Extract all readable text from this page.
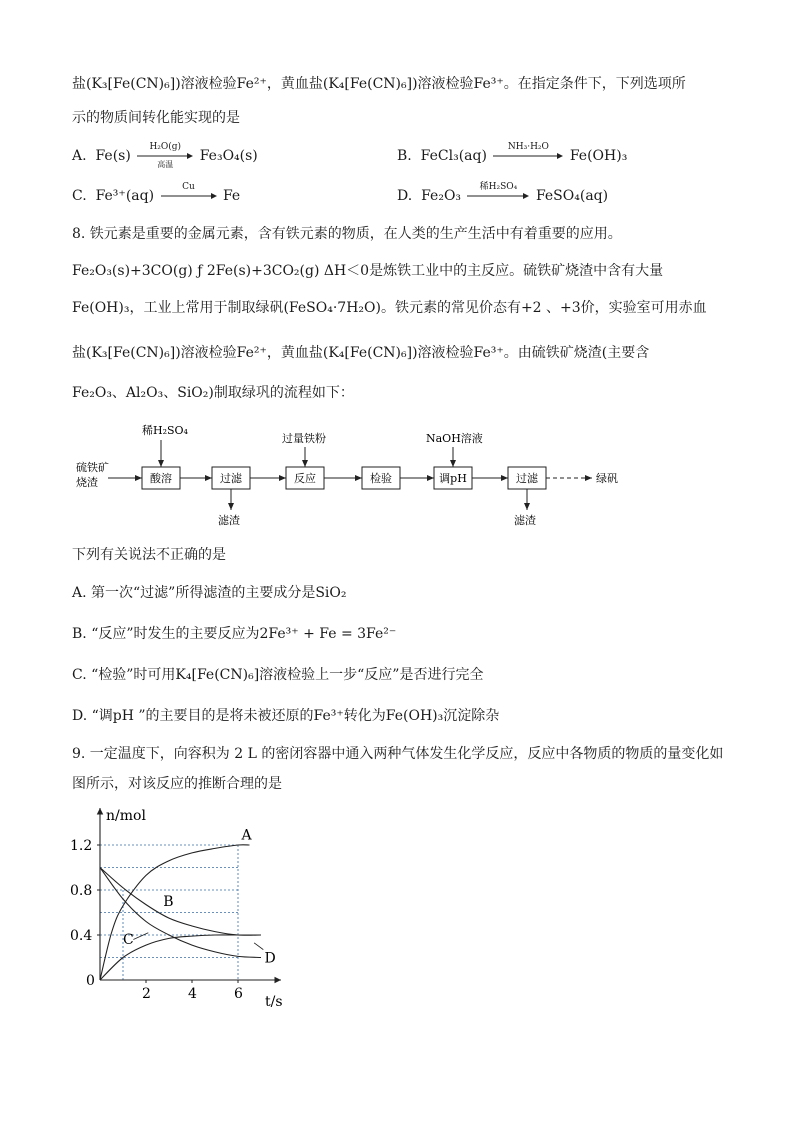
盐(K₃[Fe(CN)₆])溶液检验Fe²⁺，黄血盐(K₄[Fe(CN)₆])溶液检验Fe³⁺。在指定条件下，下列选项所
示的物质间转化能实现的是
A. Fe(s)
H₂O(g)
高温
Fe₃O₄(s)	B. FeCl₃(aq)
NH₃·H₂O
Fe(OH)₃
C. Fe³⁺(aq)
Cu
Fe	D. Fe₂O₃
稀H₂SO₄
FeSO₄(aq)
8. 铁元素是重要的金属元素，含有铁元素的物质，在人类的生产生活中有着重要的应用。
Fe₂O₃(s)+3CO(g) ƒ 2Fe(s)+3CO₂(g) ΔH＜0是炼铁工业中的主反应。硫铁矿烧渣中含有大量
Fe(OH)₃，工业上常用于制取绿矾(FeSO₄·7H₂O)。铁元素的常见价态有+2 、+3价，实验室可用赤血
盐(K₃[Fe(CN)₆])溶液检验Fe²⁺，黄血盐(K₄[Fe(CN)₆])溶液检验Fe³⁺。由硫铁矿烧渣(主要含
Fe₂O₃、Al₂O₃、SiO₂)制取绿巩的流程如下：
硫铁矿
烧渣	酸溶	过滤	反应	检验	调pH	过滤	绿矾
稀H₂SO₄
过量铁粉	NaOH溶液
滤渣	滤渣
下列有关说法不正确的是
A. 第一次“过滤”所得滤渣的主要成分是SiO₂
B. “反应”时发生的主要反应为2Fe³⁺ + Fe = 3Fe²⁻
C. “检验”时可用K₄[Fe(CN)₆]溶液检验上一步“反应”是否进行完全
D. “调pH ”的主要目的是将未被还原的Fe³⁺转化为Fe(OH)₃沉淀除杂
9. 一定温度下，向容积为 2 L 的密闭容器中通入两种气体发生化学反应，反应中各物质的物质的量变化如
图所示，对该反应的推断合理的是
n/mol
t/s
0
0.4
0.8
1.2
2	4	6
A
B
C
D
